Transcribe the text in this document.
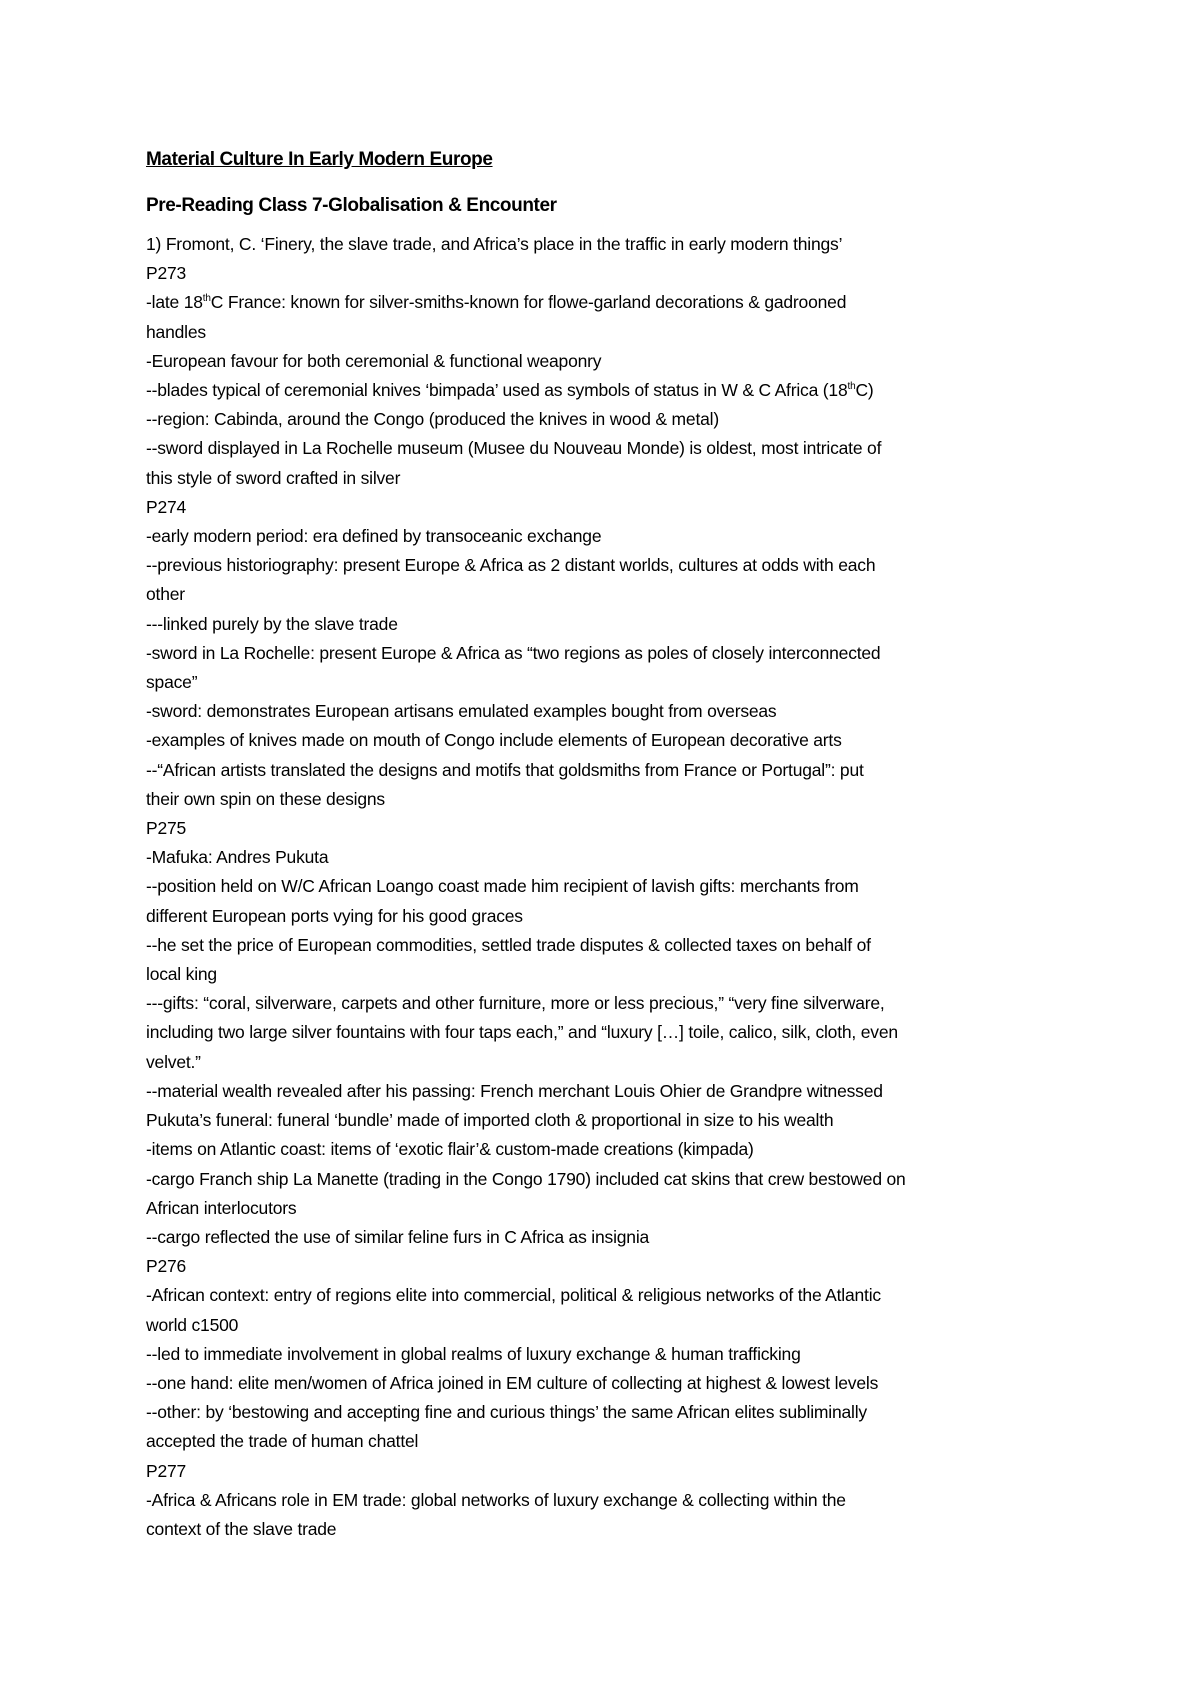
Material Culture In Early Modern Europe
Pre-Reading Class 7-Globalisation & Encounter
1) Fromont, C. ‘Finery, the slave trade, and Africa’s place in the traffic in early modern things’
P273
-late 18thC France: known for silver-smiths-known for flowe-garland decorations & gadrooned
handles
-European favour for both ceremonial & functional weaponry
--blades typical of ceremonial knives ‘bimpada’ used as symbols of status in W & C Africa (18thC)
--region: Cabinda, around the Congo (produced the knives in wood & metal)
--sword displayed in La Rochelle museum (Musee du Nouveau Monde) is oldest, most intricate of
this style of sword crafted in silver
P274
-early modern period: era defined by transoceanic exchange
--previous historiography: present Europe & Africa as 2 distant worlds, cultures at odds with each
other
---linked purely by the slave trade
-sword in La Rochelle: present Europe & Africa as “two regions as poles of closely interconnected
space”
-sword: demonstrates European artisans emulated examples bought from overseas
-examples of knives made on mouth of Congo include elements of European decorative arts
--“African artists translated the designs and motifs that goldsmiths from France or Portugal”: put
their own spin on these designs
P275
-Mafuka: Andres Pukuta
--position held on W/C African Loango coast made him recipient of lavish gifts: merchants from
different European ports vying for his good graces
--he set the price of European commodities, settled trade disputes & collected taxes on behalf of
local king
---gifts: “coral, silverware, carpets and other furniture, more or less precious,” “very fine silverware,
including two large silver fountains with four taps each,” and “luxury […] toile, calico, silk, cloth, even
velvet.”
--material wealth revealed after his passing: French merchant Louis Ohier de Grandpre witnessed
Pukuta’s funeral: funeral ‘bundle’ made of imported cloth & proportional in size to his wealth
-items on Atlantic coast: items of ‘exotic flair’& custom-made creations (kimpada)
-cargo Franch ship La Manette (trading in the Congo 1790) included cat skins that crew bestowed on
African interlocutors
--cargo reflected the use of similar feline furs in C Africa as insignia
P276
-African context: entry of regions elite into commercial, political & religious networks of the Atlantic
world c1500
--led to immediate involvement in global realms of luxury exchange & human trafficking
--one hand: elite men/women of Africa joined in EM culture of collecting at highest & lowest levels
--other: by ‘bestowing and accepting fine and curious things’ the same African elites subliminally
accepted the trade of human chattel
P277
-Africa & Africans role in EM trade: global networks of luxury exchange & collecting within the
context of the slave trade
